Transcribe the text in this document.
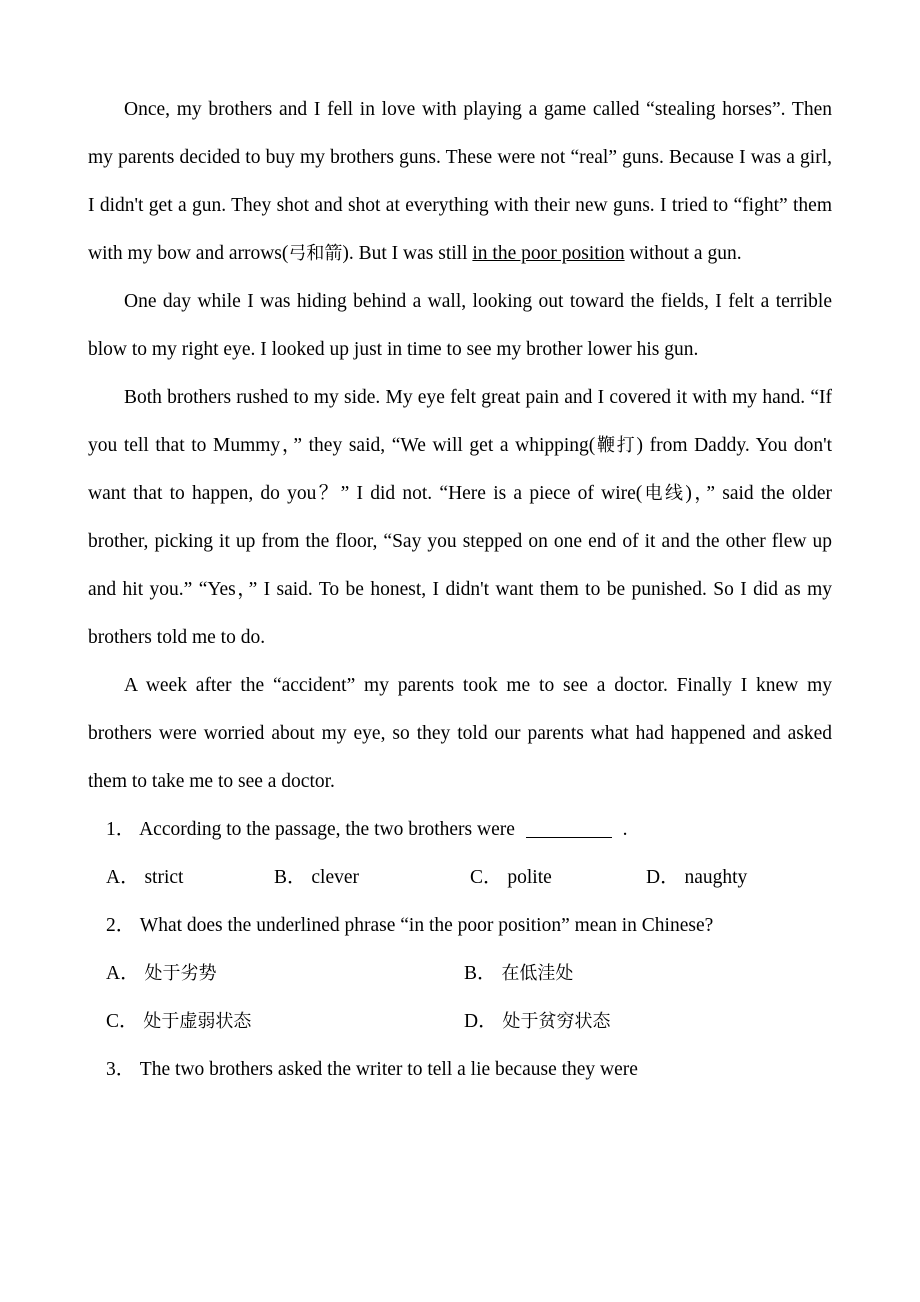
Once, my brothers and I fell in love with playing a game called “stealing horses”. Then my parents decided to buy my brothers guns. These were not “real” guns. Because I was a girl, I didn't get a gun. They shot and shot at everything with their new guns. I tried to “fight” them with my bow and arrows(弓和箭). But I was still in the poor position without a gun.

One day while I was hiding behind a wall, looking out toward the fields, I felt a terrible blow to my right eye. I looked up just in time to see my brother lower his gun.

Both brothers rushed to my side. My eye felt great pain and I covered it with my hand. “If you tell that to Mummy，” they said, “We will get a whipping(鞭打) from Daddy. You don't want that to happen, do you？” I did not. “Here is a piece of wire(电线)，” said the older brother, picking it up from the floor, “Say you stepped on one end of it and the other flew up and hit you.” “Yes，” I said. To be honest, I didn't want them to be punished. So I did as my brothers told me to do.

A week after the “accident” my parents took me to see a doctor. Finally I knew my brothers were worried about my eye, so they told our parents what had happened and asked them to take me to see a doctor.

1． According to the passage, the two brothers were	.

A． strict	B． clever	C． polite	D． naughty

2． What does the underlined phrase “in the poor position” mean in Chinese?

A． 处于劣势	B． 在低洼处

C． 处于虚弱状态	D． 处于贫穷状态

3． The two brothers asked the writer to tell a lie because they were
